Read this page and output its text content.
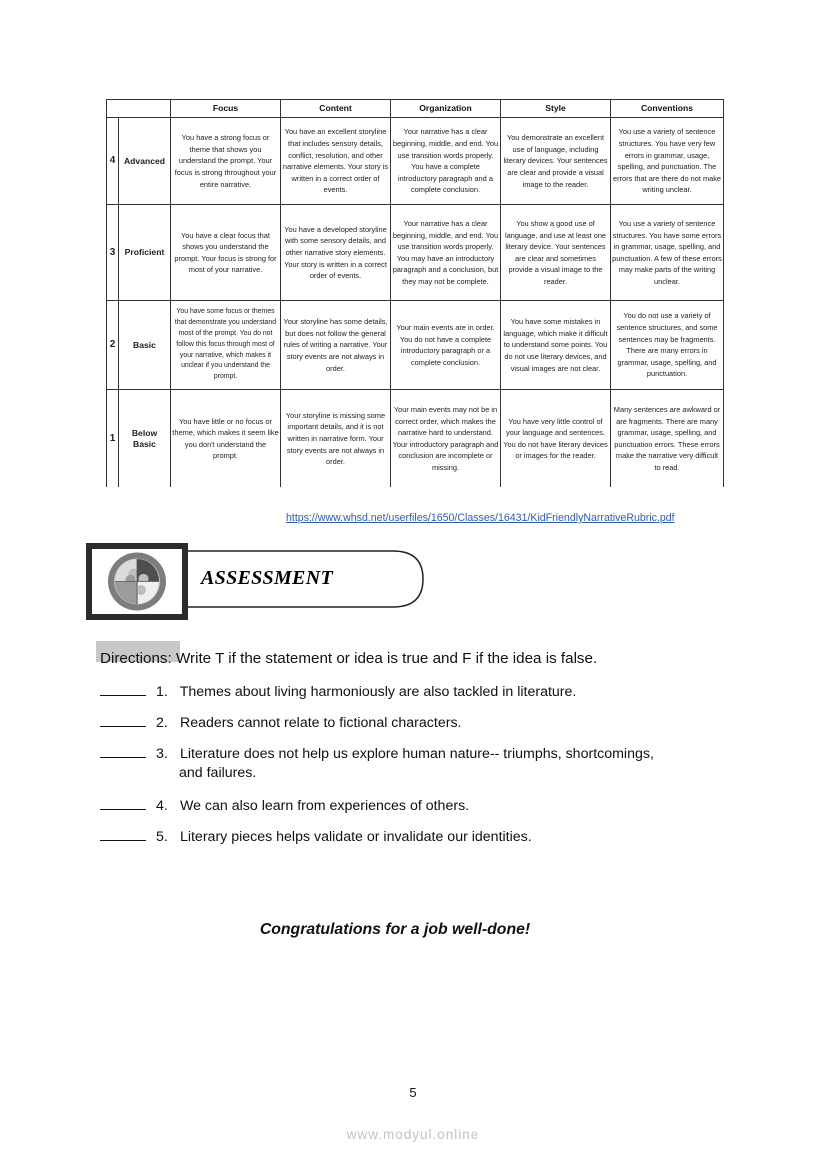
		Focus	Content	Organization	Style	Conventions
4	Advanced	You have a strong focus or theme that shows you understand the prompt. Your focus is strong throughout your entire narrative.	You have an excellent storyline that includes sensory details, conflict, resolution, and other narrative elements. Your story is written in a correct order of events.	Your narrative has a clear beginning, middle, and end. You use transition words properly. You have a complete introductory paragraph and a complete conclusion.	You demonstrate an excellent use of language, including literary devices. Your sentences are clear and provide a visual image to the reader.	You use a variety of sentence structures. You have very few errors in grammar, usage, spelling, and punctuation. The errors that are there do not make writing unclear.
3	Proficient	You have a clear focus that shows you understand the prompt. Your focus is strong for most of your narrative.	You have a developed storyline with some sensory details, and other narrative story elements. Your story is written in a correct order of events.	Your narrative has a clear beginning, middle, and end. You use transition words properly. You may have an introductory paragraph and a conclusion, but they may not be complete.	You show a good use of language, and use at least one literary device. Your sentences are clear and sometimes provide a visual image to the reader.	You use a variety of sentence structures. You have some errors in grammar, usage, spelling, and punctuation. A few of these errors may make parts of the writing unclear.
2	Basic	You have some focus or themes that demonstrate you understand most of the prompt. You do not follow this focus through most of your narrative, which makes it unclear if you understand the prompt.	Your storyline has some details, but does not follow the general rules of writing a narrative. Your story events are not always in order.	Your main events are in order. You do not have a complete introductory paragraph or a complete conclusion.	You have some mistakes in language, which make it difficult to understand some points. You do not use literary devices, and visual images are not clear.	You do not use a variety of sentence structures, and some sentences may be fragments. There are many errors in grammar, usage, spelling, and punctuation.
1	Below Basic	You have little or no focus or theme, which makes it seem like you don't understand the prompt.	Your storyline is missing some important details, and it is not written in narrative form. Your story events are not always in order.	Your main events may not be in correct order, which makes the narrative hard to understand. Your introductory paragraph and conclusion are incomplete or missing.	You have very little control of your language and sentences. You do not have literary devices or images for the reader.	Many sentences are awkward or are fragments. There are many grammar, usage, spelling, and punctuation errors. These errors make the narrative very difficult to read.
https://www.whsd.net/userfiles/1650/Classes/16431/KidFriendlyNarrativeRubric.pdf
ASSESSMENT
Directions: Write T if the statement or idea is true and F if the idea is false.
1. Themes about living harmoniously are also tackled in literature.
2. Readers cannot relate to fictional characters.
3. Literature does not help us explore human nature-- triumphs, shortcomings,
and failures.
4. We can also learn from experiences of others.
5. Literary pieces helps validate or invalidate our identities.
Congratulations for a job well-done!
5
www.modyul.online
